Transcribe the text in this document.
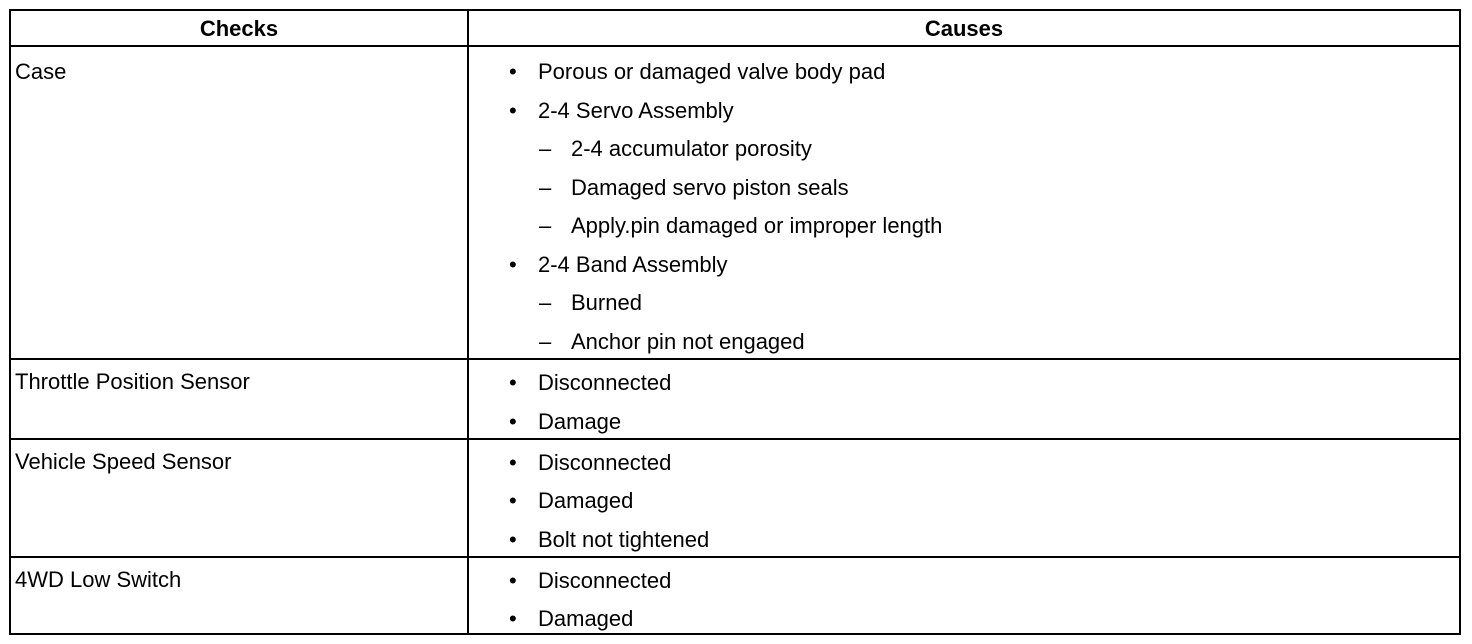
Checks	Causes
Case	• Porous or damaged valve body pad
• 2-4 Servo Assembly
– 2-4 accumulator porosity
– Damaged servo piston seals
– Apply.pin damaged or improper length
• 2-4 Band Assembly
– Burned
– Anchor pin not engaged
Throttle Position Sensor	• Disconnected
• Damage
Vehicle Speed Sensor	• Disconnected
• Damaged
• Bolt not tightened
4WD Low Switch	• Disconnected
• Damaged
